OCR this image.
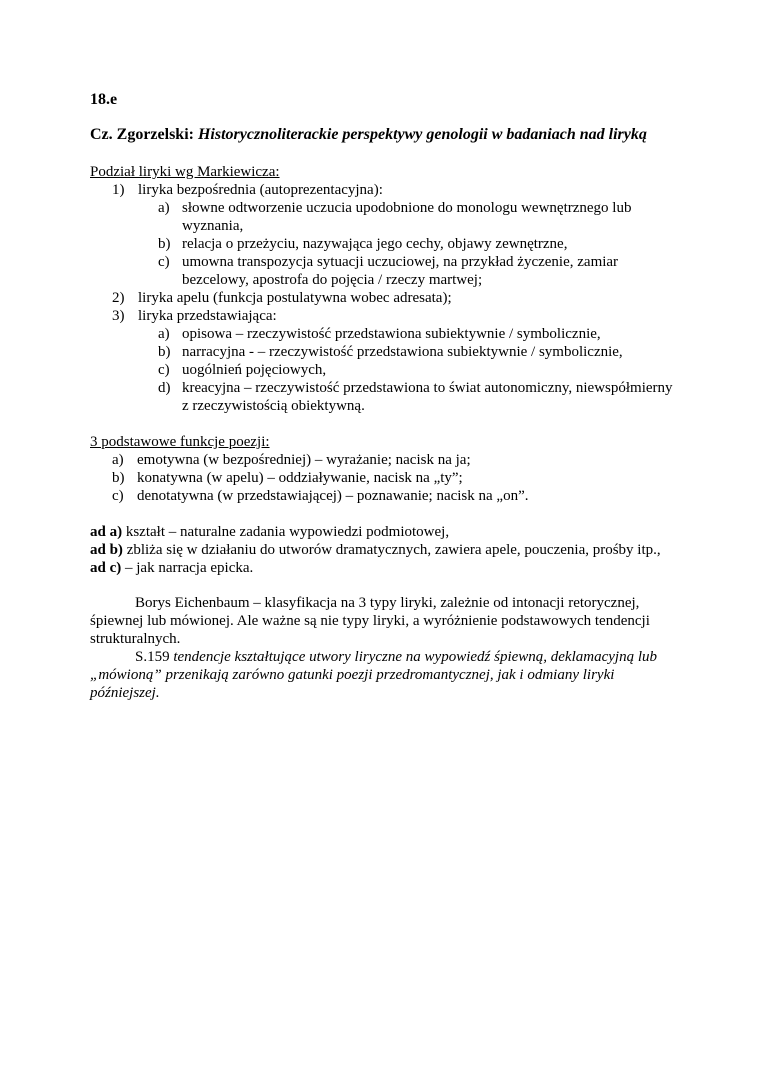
18.e

Cz. Zgorzelski: Historycznoliterackie perspektywy genologii w badaniach nad liryką

Podział liryki wg Markiewicza:

1) liryka bezpośrednia (autoprezentacyjna):
a) słowne odtworzenie uczucia upodobnione do monologu wewnętrznego lub wyznania,
b) relacja o przeżyciu, nazywająca jego cechy, objawy zewnętrzne,
c) umowna transpozycja sytuacji uczuciowej, na przykład życzenie, zamiar bezcelowy, apostrofa do pojęcia / rzeczy martwej;
2) liryka apelu (funkcja postulatywna wobec adresata);
3) liryka przedstawiająca:
a) opisowa – rzeczywistość przedstawiona subiektywnie / symbolicznie,
b) narracyjna - – rzeczywistość przedstawiona subiektywnie / symbolicznie,
c) uogólnień pojęciowych,
d) kreacyjna – rzeczywistość przedstawiona to świat autonomiczny, niewspółmierny z rzeczywistością obiektywną.

3 podstawowe funkcje poezji:

a) emotywna (w bezpośredniej) – wyrażanie; nacisk na ja;
b) konatywna (w apelu) – oddziaływanie, nacisk na „ty”;
c) denotatywna (w przedstawiającej) – poznawanie; nacisk na „on”.

ad a) kształt – naturalne zadania wypowiedzi podmiotowej,

ad b) zbliża się w działaniu do utworów dramatycznych, zawiera apele, pouczenia, prośby itp.,

ad c) – jak narracja epicka.

Borys Eichenbaum – klasyfikacja na 3 typy liryki, zależnie od intonacji retorycznej, śpiewnej lub mówionej. Ale ważne są nie typy liryki, a wyróżnienie podstawowych tendencji strukturalnych.

S.159 tendencje kształtujące utwory liryczne na wypowiedź śpiewną, deklamacyjną lub „mówioną” przenikają zarówno gatunki poezji przedromantycznej, jak i odmiany liryki późniejszej.
